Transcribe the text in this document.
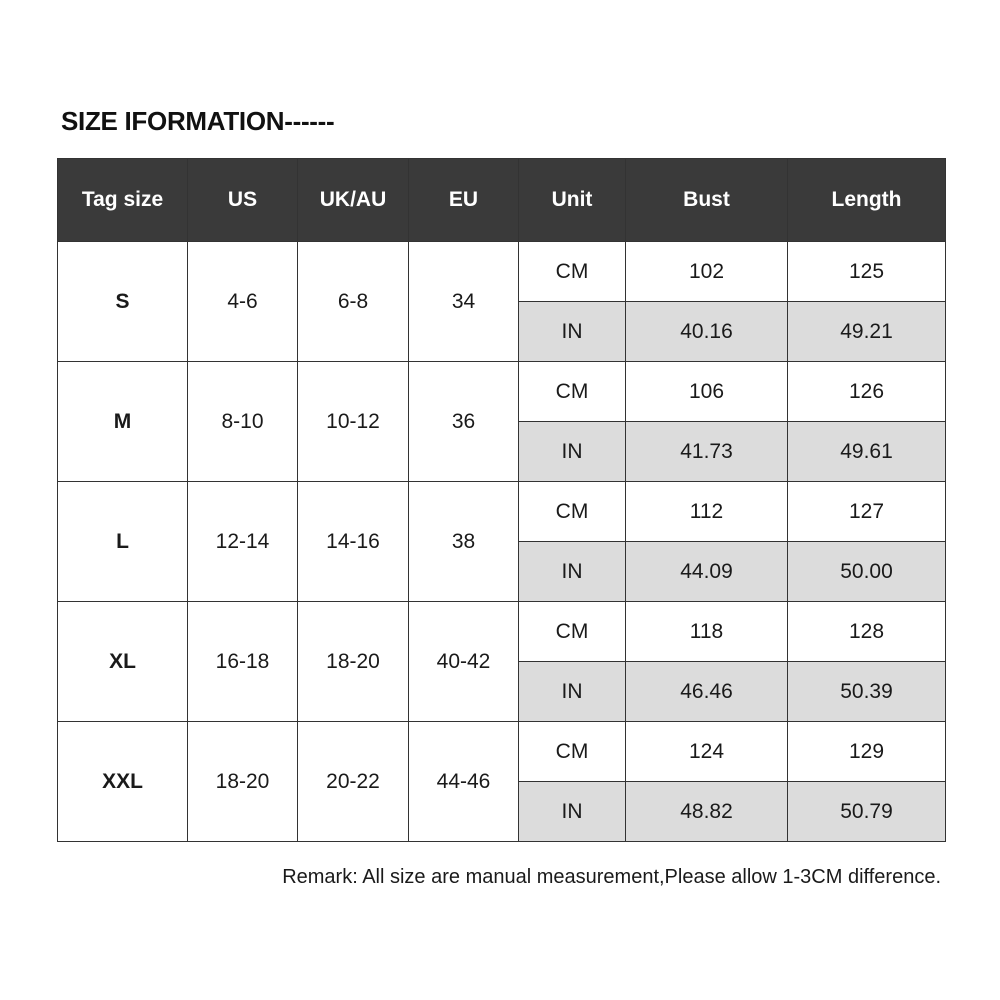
SIZE IFORMATION------
Tag size	US	UK/AU	EU	Unit	Bust	Length
S	4-6	6-8	34	CM	102	125
				IN	40.16	49.21
M	8-10	10-12	36	CM	106	126
				IN	41.73	49.61
L	12-14	14-16	38	CM	112	127
				IN	44.09	50.00
XL	16-18	18-20	40-42	CM	118	128
				IN	46.46	50.39
XXL	18-20	20-22	44-46	CM	124	129
				IN	48.82	50.79
Remark: All size are manual measurement,Please allow 1-3CM difference.
